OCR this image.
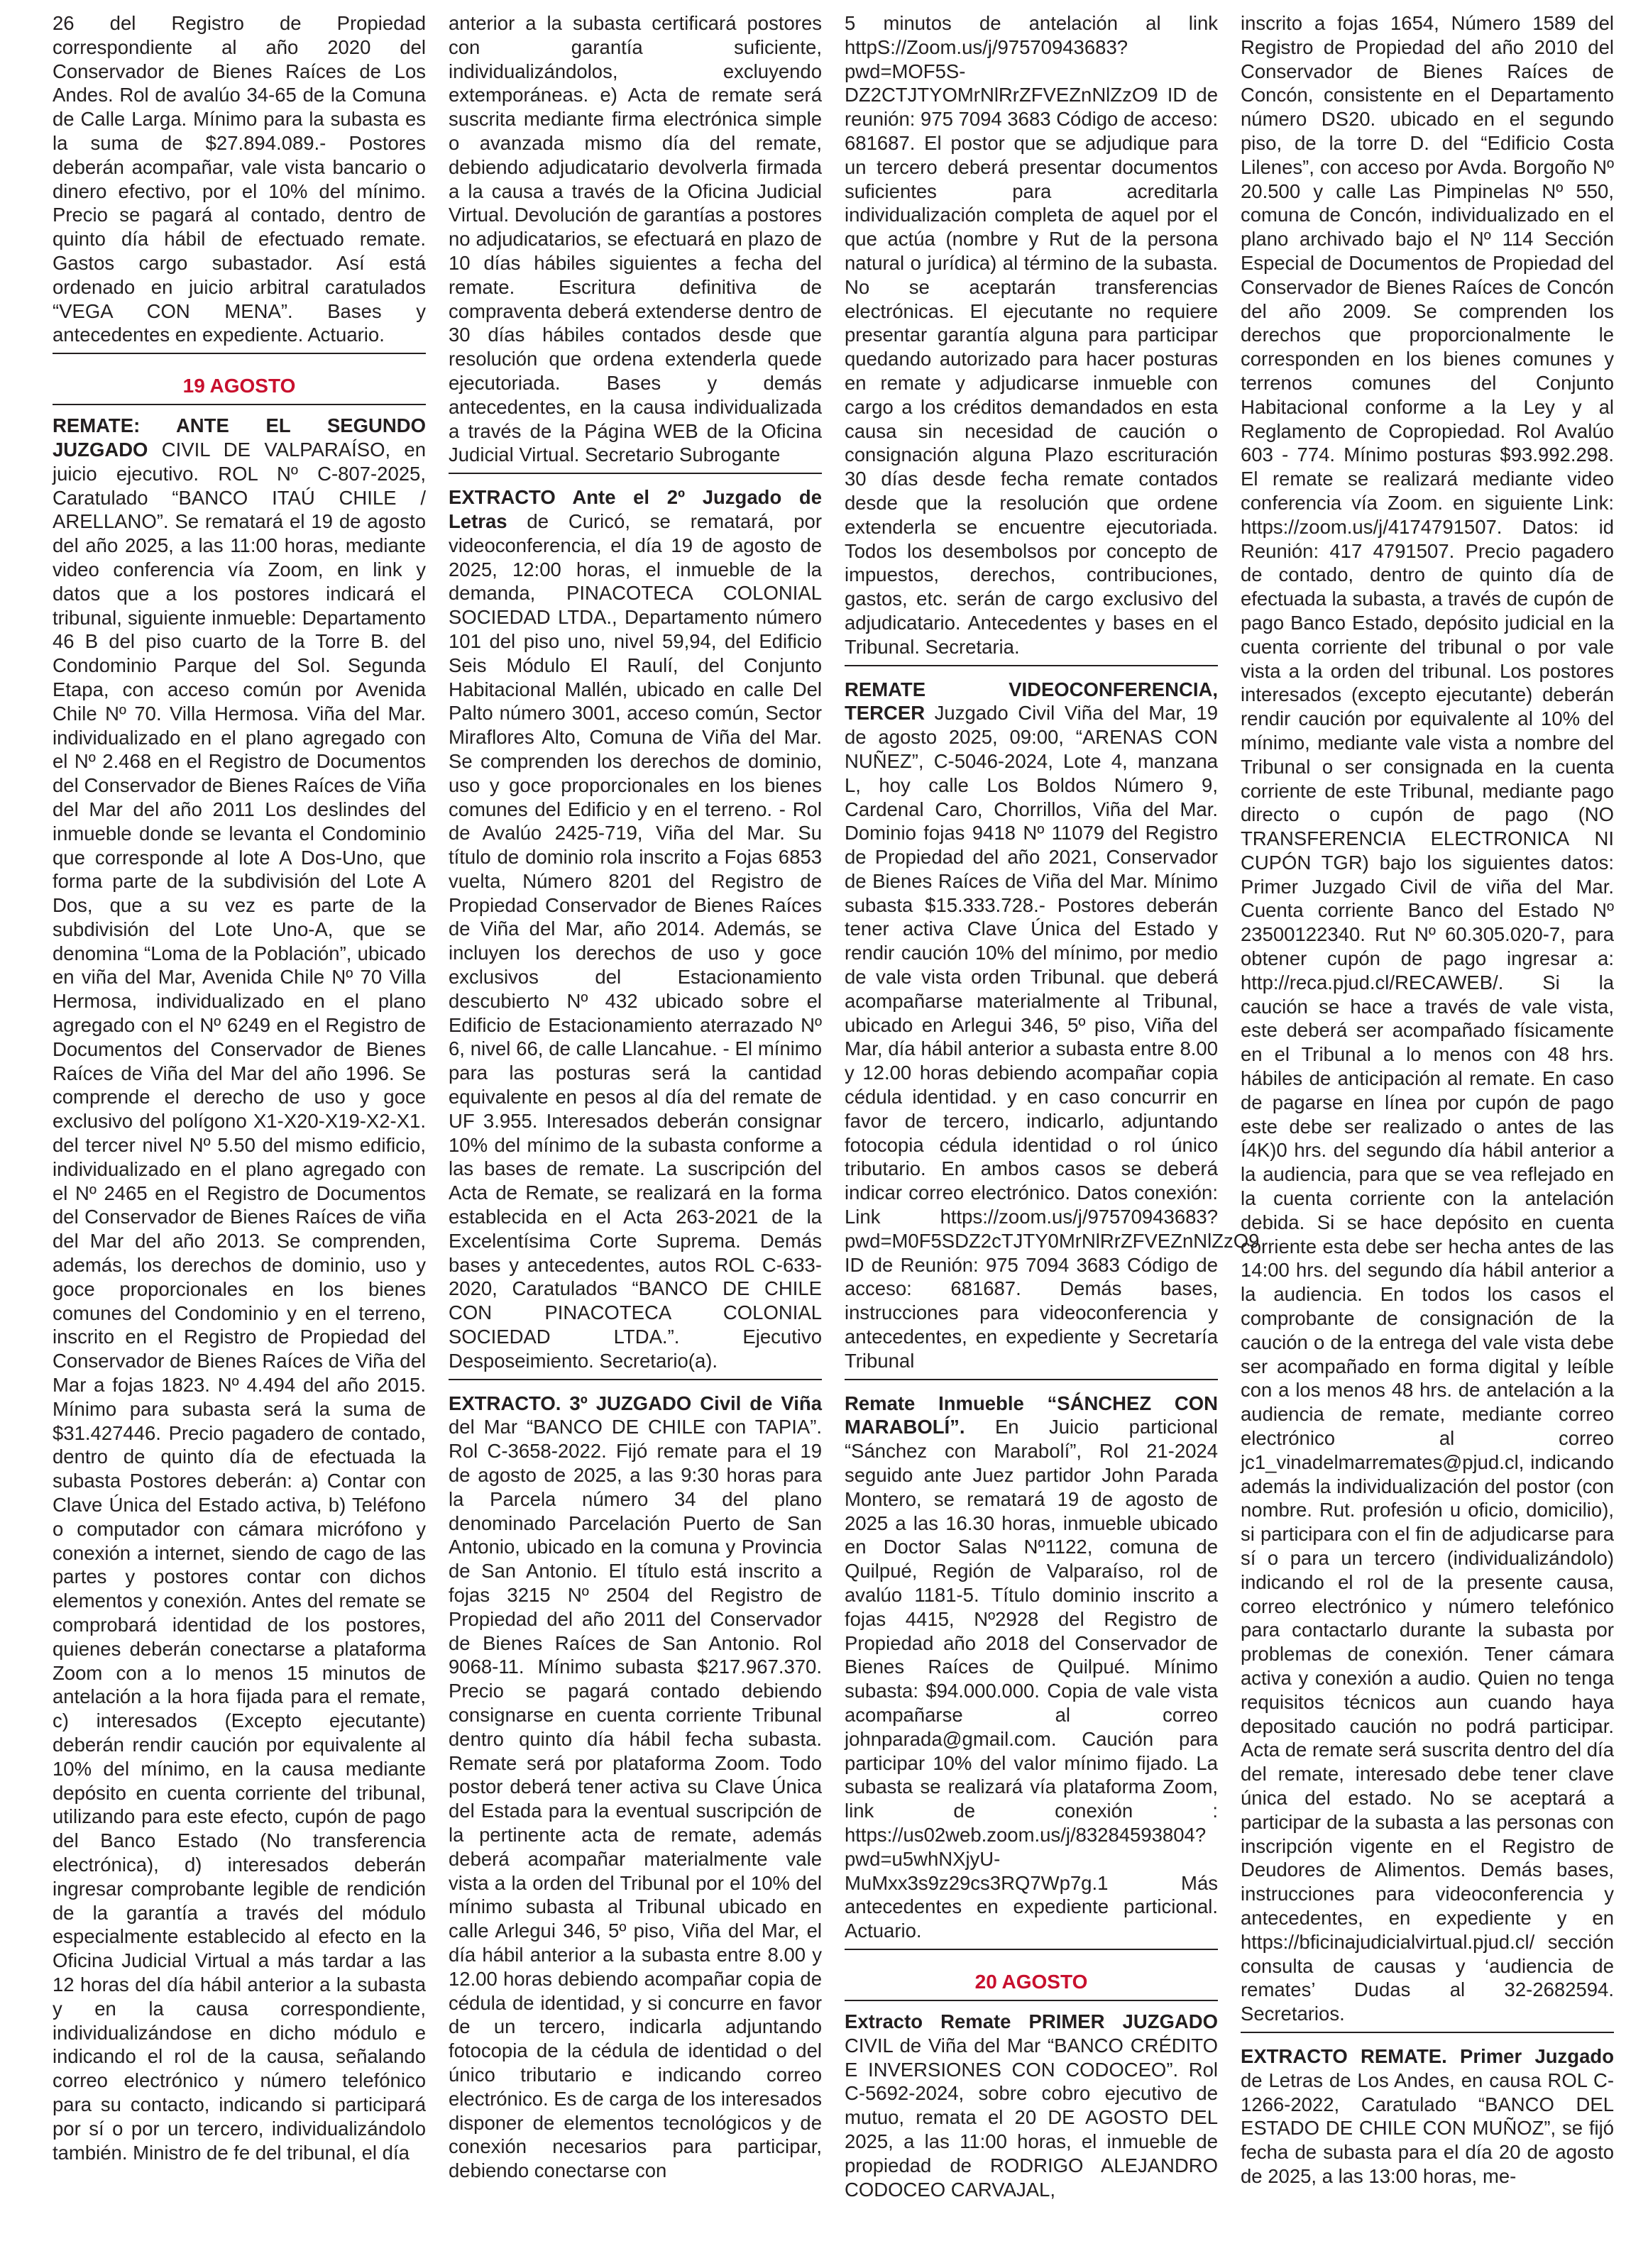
26 del Registro de Propiedad correspondiente al año 2020 del Conservador de Bienes Raíces de Los Andes. Rol de avalúo 34-65 de la Comuna de Calle Larga. Mínimo para la subasta es la suma de $27.894.089.- Postores deberán acompañar, vale vista bancario o dinero efectivo, por el 10% del mínimo. Precio se pagará al contado, dentro de quinto día hábil de efectuado remate. Gastos cargo subastador. Así está ordenado en juicio arbitral caratulados “VEGA CON MENA”. Bases y antecedentes en expediente. Actuario.
19 AGOSTO
REMATE: ANTE EL SEGUNDO JUZGADO CIVIL DE VALPARAÍSO, en juicio ejecutivo. ROL Nº C-807-2025, Caratulado “BANCO ITAÚ CHILE / ARELLANO”. Se rematará el 19 de agosto del año 2025, a las 11:00 horas, mediante video conferencia vía Zoom, en link y datos que a los postores indicará el tribunal, siguiente inmueble: Departamento 46 B del piso cuarto de la Torre B. del Condominio Parque del Sol. Segunda Etapa, con acceso común por Avenida Chile Nº 70. Villa Hermosa. Viña del Mar. individualizado en el plano agregado con el Nº 2.468 en el Registro de Documentos del Conservador de Bienes Raíces de Viña del Mar del año 2011 Los deslindes del inmueble donde se levanta el Condominio que corresponde al lote A Dos-Uno, que forma parte de la subdivisión del Lote A Dos, que a su vez es parte de la subdivisión del Lote Uno-A, que se denomina “Loma de la Población”, ubicado en viña del Mar, Avenida Chile Nº 70 Villa Hermosa, individualizado en el plano agregado con el Nº 6249 en el Registro de Documentos del Conservador de Bienes Raíces de Viña del Mar del año 1996. Se comprende el derecho de uso y goce exclusivo del polígono X1-X20-X19-X2-X1. del tercer nivel Nº 5.50 del mismo edificio, individualizado en el plano agregado con el Nº 2465 en el Registro de Documentos del Conservador de Bienes Raíces de viña del Mar del año 2013. Se comprenden, además, los derechos de dominio, uso y goce proporcionales en los bienes comunes del Condominio y en el terreno, inscrito en el Registro de Propiedad del Conservador de Bienes Raíces de Viña del Mar a fojas 1823. Nº 4.494 del año 2015. Mínimo para subasta será la suma de $31.427446. Precio pagadero de contado, dentro de quinto día de efectuada la subasta Postores deberán: a) Contar con Clave Única del Estado activa, b) Teléfono o computador con cámara micrófono y conexión a internet, siendo de cago de las partes y postores contar con dichos elementos y conexión. Antes del remate se comprobará identidad de los postores, quienes deberán conectarse a plataforma Zoom con a lo menos 15 minutos de antelación a la hora fijada para el remate, c) interesados (Excepto ejecutante) deberán rendir caución por equivalente al 10% del mínimo, en la causa mediante depósito en cuenta corriente del tribunal, utilizando para este efecto, cupón de pago del Banco Estado (No transferencia electrónica), d) interesados deberán ingresar comprobante legible de rendición de la garantía a través del módulo especialmente establecido al efecto en la Oficina Judicial Virtual a más tardar a las 12 horas del día hábil anterior a la subasta y en la causa correspondiente, individualizándose en dicho módulo e indicando el rol de la causa, señalando correo electrónico y número telefónico para su contacto, indicando si participará por sí o por un tercero, individualizándolo también. Ministro de fe del tribunal, el día
anterior a la subasta certificará postores con garantía suficiente, individualizándolos, excluyendo extemporáneas. e) Acta de remate será suscrita mediante firma electrónica simple o avanzada mismo día del remate, debiendo adjudicatario devolverla firmada a la causa a través de la Oficina Judicial Virtual. Devolución de garantías a postores no adjudicatarios, se efectuará en plazo de 10 días hábiles siguientes a fecha del remate. Escritura definitiva de compraventa deberá extenderse dentro de 30 días hábiles contados desde que resolución que ordena extenderla quede ejecutoriada. Bases y demás antecedentes, en la causa individualizada a través de la Página WEB de la Oficina Judicial Virtual. Secretario Subrogante
EXTRACTO Ante el 2º Juzgado de Letras de Curicó, se rematará, por videoconferencia, el día 19 de agosto de 2025, 12:00 horas, el inmueble de la demanda, PINACOTECA COLONIAL SOCIEDAD LTDA., Departamento número 101 del piso uno, nivel 59,94, del Edificio Seis Módulo El Raulí, del Conjunto Habitacional Mallén, ubicado en calle Del Palto número 3001, acceso común, Sector Miraflores Alto, Comuna de Viña del Mar. Se comprenden los derechos de dominio, uso y goce proporcionales en los bienes comunes del Edificio y en el terreno. - Rol de Avalúo 2425-719, Viña del Mar. Su título de dominio rola inscrito a Fojas 6853 vuelta, Número 8201 del Registro de Propiedad Conservador de Bienes Raíces de Viña del Mar, año 2014. Además, se incluyen los derechos de uso y goce exclusivos del Estacionamiento descubierto Nº 432 ubicado sobre el Edificio de Estacionamiento aterrazado Nº 6, nivel 66, de calle Llancahue. - El mínimo para las posturas será la cantidad equivalente en pesos al día del remate de UF 3.955. Interesados deberán consignar 10% del mínimo de la subasta conforme a las bases de remate. La suscripción del Acta de Remate, se realizará en la forma establecida en el Acta 263-2021 de la Excelentísima Corte Suprema. Demás bases y antecedentes, autos ROL C-633-2020, Caratulados “BANCO DE CHILE CON PINACOTECA COLONIAL SOCIEDAD LTDA.”. Ejecutivo Desposeimiento. Secretario(a).
EXTRACTO. 3º JUZGADO Civil de Viña del Mar “BANCO DE CHILE con TAPIA”. Rol C-3658-2022. Fijó remate para el 19 de agosto de 2025, a las 9:30 horas para la Parcela número 34 del plano denominado Parcelación Puerto de San Antonio, ubicado en la comuna y Provincia de San Antonio. El título está inscrito a fojas 3215 Nº 2504 del Registro de Propiedad del año 2011 del Conservador de Bienes Raíces de San Antonio. Rol 9068-11. Mínimo subasta $217.967.370. Precio se pagará contado debiendo consignarse en cuenta corriente Tribunal dentro quinto día hábil fecha subasta. Remate será por plataforma Zoom. Todo postor deberá tener activa su Clave Única del Estada para la eventual suscripción de la pertinente acta de remate, además deberá acompañar materialmente vale vista a la orden del Tribunal por el 10% del mínimo subasta al Tribunal ubicado en calle Arlegui 346, 5º piso, Viña del Mar, el día hábil anterior a la subasta entre 8.00 y 12.00 horas debiendo acompañar copia de cédula de identidad, y si concurre en favor de un tercero, indicarla adjuntando fotocopia de la cédula de identidad o del único tributario e indicando correo electrónico. Es de carga de los interesados disponer de elementos tecnológicos y de conexión necesarios para participar, debiendo conectarse con
5 minutos de antelación al link httpS://Zoom.us/j/97570943683?pwd=MOF5S-DZ2CTJTYOMrNlRrZFVEZnNlZzO9 ID de reunión: 975 7094 3683 Código de acceso: 681687. El postor que se adjudique para un tercero deberá presentar documentos suficientes para acreditarla individualización completa de aquel por el que actúa (nombre y Rut de la persona natural o jurídica) al término de la subasta. No se aceptarán transferencias electrónicas. El ejecutante no requiere presentar garantía alguna para participar quedando autorizado para hacer posturas en remate y adjudicarse inmueble con cargo a los créditos demandados en esta causa sin necesidad de caución o consignación alguna Plazo escrituración 30 días desde fecha remate contados desde que la resolución que ordene extenderla se encuentre ejecutoriada. Todos los desembolsos por concepto de impuestos, derechos, contribuciones, gastos, etc. serán de cargo exclusivo del adjudicatario. Antecedentes y bases en el Tribunal. Secretaria.
REMATE VIDEOCONFERENCIA, TERCER Juzgado Civil Viña del Mar, 19 de agosto 2025, 09:00, “ARENAS CON NUÑEZ”, C-5046-2024, Lote 4, manzana L, hoy calle Los Boldos Número 9, Cardenal Caro, Chorrillos, Viña del Mar. Dominio fojas 9418 Nº 11079 del Registro de Propiedad del año 2021, Conservador de Bienes Raíces de Viña del Mar. Mínimo subasta $15.333.728.- Postores deberán tener activa Clave Única del Estado y rendir caución 10% del mínimo, por medio de vale vista orden Tribunal. que deberá acompañarse materialmente al Tribunal, ubicado en Arlegui 346, 5º piso, Viña del Mar, día hábil anterior a subasta entre 8.00 y 12.00 horas debiendo acompañar copia cédula identidad. y en caso concurrir en favor de tercero, indicarlo, adjuntando fotocopia cédula identidad o rol único tributario. En ambos casos se deberá indicar correo electrónico. Datos conexión: Link https://zoom.us/j/97570943683?pwd=M0F5SDZ2cTJTY0MrNlRrZFVEZnNlZzO9 ID de Reunión: 975 7094 3683 Código de acceso: 681687. Demás bases, instrucciones para videoconferencia y antecedentes, en expediente y Secretaría Tribunal
Remate Inmueble “SÁNCHEZ CON MARABOLÍ”. En Juicio particional “Sánchez con Marabolí”, Rol 21-2024 seguido ante Juez partidor John Parada Montero, se rematará 19 de agosto de 2025 a las 16.30 horas, inmueble ubicado en Doctor Salas Nº1122, comuna de Quilpué, Región de Valparaíso, rol de avalúo 1181-5. Título dominio inscrito a fojas 4415, Nº2928 del Registro de Propiedad año 2018 del Conservador de Bienes Raíces de Quilpué. Mínimo subasta: $94.000.000. Copia de vale vista acompañarse al correo johnparada@gmail.com. Caución para participar 10% del valor mínimo fijado. La subasta se realizará vía plataforma Zoom, link de conexión : https://us02web.zoom.us/j/83284593804?pwd=u5whNXjyU-MuMxx3s9z29cs3RQ7Wp7g.1 Más antecedentes en expediente particional. Actuario.
20 AGOSTO
Extracto Remate PRIMER JUZGADO CIVIL de Viña del Mar “BANCO CRÉDITO E INVERSIONES CON CODOCEO”. Rol C-5692-2024, sobre cobro ejecutivo de mutuo, remata el 20 DE AGOSTO DEL 2025, a las 11:00 horas, el inmueble de propiedad de RODRIGO ALEJANDRO CODOCEO CARVAJAL,
inscrito a fojas 1654, Número 1589 del Registro de Propiedad del año 2010 del Conservador de Bienes Raíces de Concón, consistente en el Departamento número DS20. ubicado en el segundo piso, de la torre D. del “Edificio Costa Lilenes”, con acceso por Avda. Borgoño Nº 20.500 y calle Las Pimpinelas Nº 550, comuna de Concón, individualizado en el plano archivado bajo el Nº 114 Sección Especial de Documentos de Propiedad del Conservador de Bienes Raíces de Concón del año 2009. Se comprenden los derechos que proporcionalmente le corresponden en los bienes comunes y terrenos comunes del Conjunto Habitacional conforme a la Ley y al Reglamento de Copropiedad. Rol Avalúo 603 - 774. Mínimo posturas $93.992.298. El remate se realizará mediante video conferencia vía Zoom. en siguiente Link: https://zoom.us/j/4174791507. Datos: id Reunión: 417 4791507. Precio pagadero de contado, dentro de quinto día de efectuada la subasta, a través de cupón de pago Banco Estado, depósito judicial en la cuenta corriente del tribunal o por vale vista a la orden del tribunal. Los postores interesados (excepto ejecutante) deberán rendir caución por equivalente al 10% del mínimo, mediante vale vista a nombre del Tribunal o ser consignada en la cuenta corriente de este Tribunal, mediante pago directo o cupón de pago (NO TRANSFERENCIA ELECTRONICA NI CUPÓN TGR) bajo los siguientes datos: Primer Juzgado Civil de viña del Mar. Cuenta corriente Banco del Estado Nº 23500122340. Rut Nº 60.305.020-7, para obtener cupón de pago ingresar a: http://reca.pjud.cl/RECAWEB/. Si la caución se hace a través de vale vista, este deberá ser acompañado físicamente en el Tribunal a lo menos con 48 hrs. hábiles de anticipación al remate. En caso de pagarse en línea por cupón de pago este debe ser realizado o antes de las Í4K)0 hrs. del segundo día hábil anterior a la audiencia, para que se vea reflejado en la cuenta corriente con la antelación debida. Si se hace depósito en cuenta corriente esta debe ser hecha antes de las 14:00 hrs. del segundo día hábil anterior a la audiencia. En todos los casos el comprobante de consignación de la caución o de la entrega del vale vista debe ser acompañado en forma digital y leíble con a los menos 48 hrs. de antelación a la audiencia de remate, mediante correo electrónico al correo jc1_vinadelmarremates@pjud.cl, indicando además la individualización del postor (con nombre. Rut. profesión u oficio, domicilio), si participara con el fin de adjudicarse para sí o para un tercero (individualizándolo) indicando el rol de la presente causa, correo electrónico y número telefónico para contactarlo durante la subasta por problemas de conexión. Tener cámara activa y conexión a audio. Quien no tenga requisitos técnicos aun cuando haya depositado caución no podrá participar. Acta de remate será suscrita dentro del día del remate, interesado debe tener clave única del estado. No se aceptará a participar de la subasta a las personas con inscripción vigente en el Registro de Deudores de Alimentos. Demás bases, instrucciones para videoconferencia y antecedentes, en expediente y en https://bficinajudicialvirtual.pjud.cl/ sección consulta de causas y ‘audiencia de remates’ Dudas al 32-2682594. Secretarios.
EXTRACTO REMATE. Primer Juzgado de Letras de Los Andes, en causa ROL C-1266-2022, Caratulado “BANCO DEL ESTADO DE CHILE CON MUÑOZ”, se fijó fecha de subasta para el día 20 de agosto de 2025, a las 13:00 horas, me-
